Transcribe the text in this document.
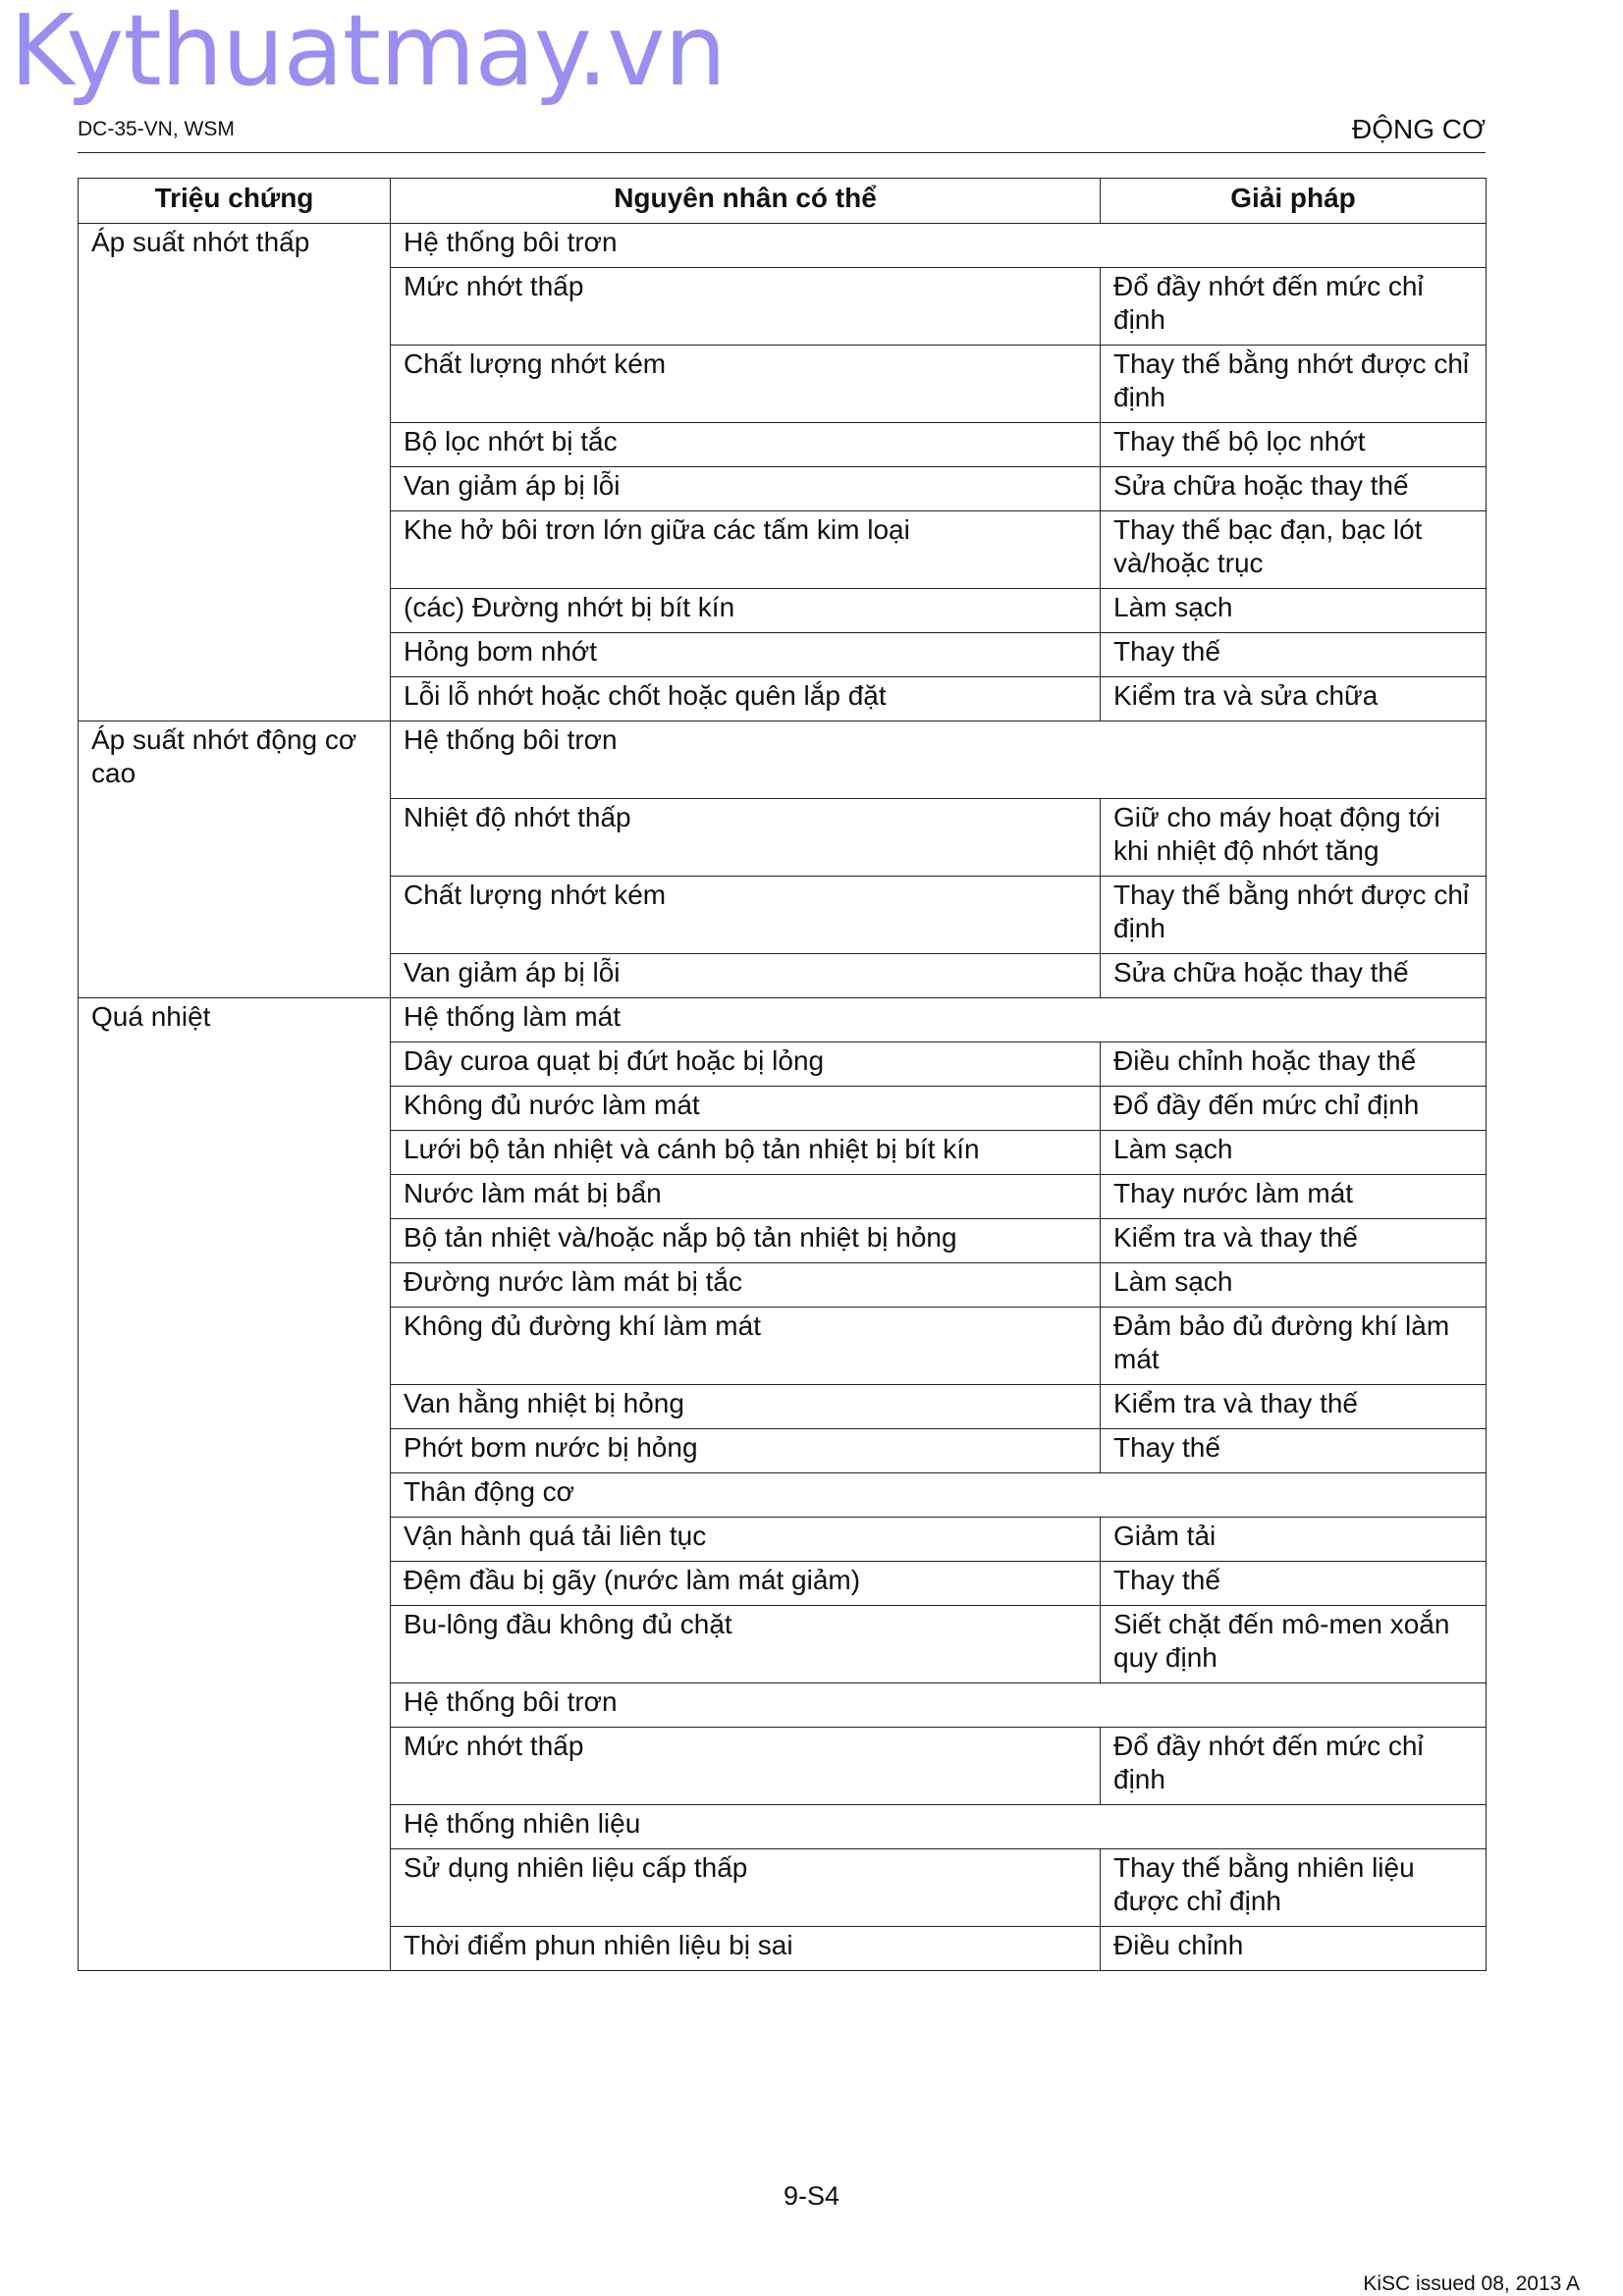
Kythuatmay.vn
DC-35-VN, WSM	ĐỘNG CƠ
Triệu chứng	Nguyên nhân có thể	Giải pháp
Áp suất nhớt thấp	Hệ thống bôi trơn	
	Mức nhớt thấp	Đổ đầy nhớt đến mức chỉ định
	Chất lượng nhớt kém	Thay thế bằng nhớt được chỉ định
	Bộ lọc nhớt bị tắc	Thay thế bộ lọc nhớt
	Van giảm áp bị lỗi	Sửa chữa hoặc thay thế
	Khe hở bôi trơn lớn giữa các tấm kim loại	Thay thế bạc đạn, bạc lót và/hoặc trục
	(các) Đường nhớt bị bít kín	Làm sạch
	Hỏng bơm nhớt	Thay thế
	Lỗi lỗ nhớt hoặc chốt hoặc quên lắp đặt	Kiểm tra và sửa chữa
Áp suất nhớt động cơ cao	Hệ thống bôi trơn	
	Nhiệt độ nhớt thấp	Giữ cho máy hoạt động tới khi nhiệt độ nhớt tăng
	Chất lượng nhớt kém	Thay thế bằng nhớt được chỉ định
	Van giảm áp bị lỗi	Sửa chữa hoặc thay thế
Quá nhiệt	Hệ thống làm mát	
	Dây curoa quạt bị đứt hoặc bị lỏng	Điều chỉnh hoặc thay thế
	Không đủ nước làm mát	Đổ đầy đến mức chỉ định
	Lưới bộ tản nhiệt và cánh bộ tản nhiệt bị bít kín	Làm sạch
	Nước làm mát bị bẩn	Thay nước làm mát
	Bộ tản nhiệt và/hoặc nắp bộ tản nhiệt bị hỏng	Kiểm tra và thay thế
	Đường nước làm mát bị tắc	Làm sạch
	Không đủ đường khí làm mát	Đảm bảo đủ đường khí làm mát
	Van hằng nhiệt bị hỏng	Kiểm tra và thay thế
	Phớt bơm nước bị hỏng	Thay thế
	Thân động cơ	
	Vận hành quá tải liên tục	Giảm tải
	Đệm đầu bị gãy (nước làm mát giảm)	Thay thế
	Bu-lông đầu không đủ chặt	Siết chặt đến mô-men xoắn quy định
	Hệ thống bôi trơn	
	Mức nhớt thấp	Đổ đầy nhớt đến mức chỉ định
	Hệ thống nhiên liệu	
	Sử dụng nhiên liệu cấp thấp	Thay thế bằng nhiên liệu được chỉ định
	Thời điểm phun nhiên liệu bị sai	Điều chỉnh
9-S4
KiSC issued 08, 2013 A
